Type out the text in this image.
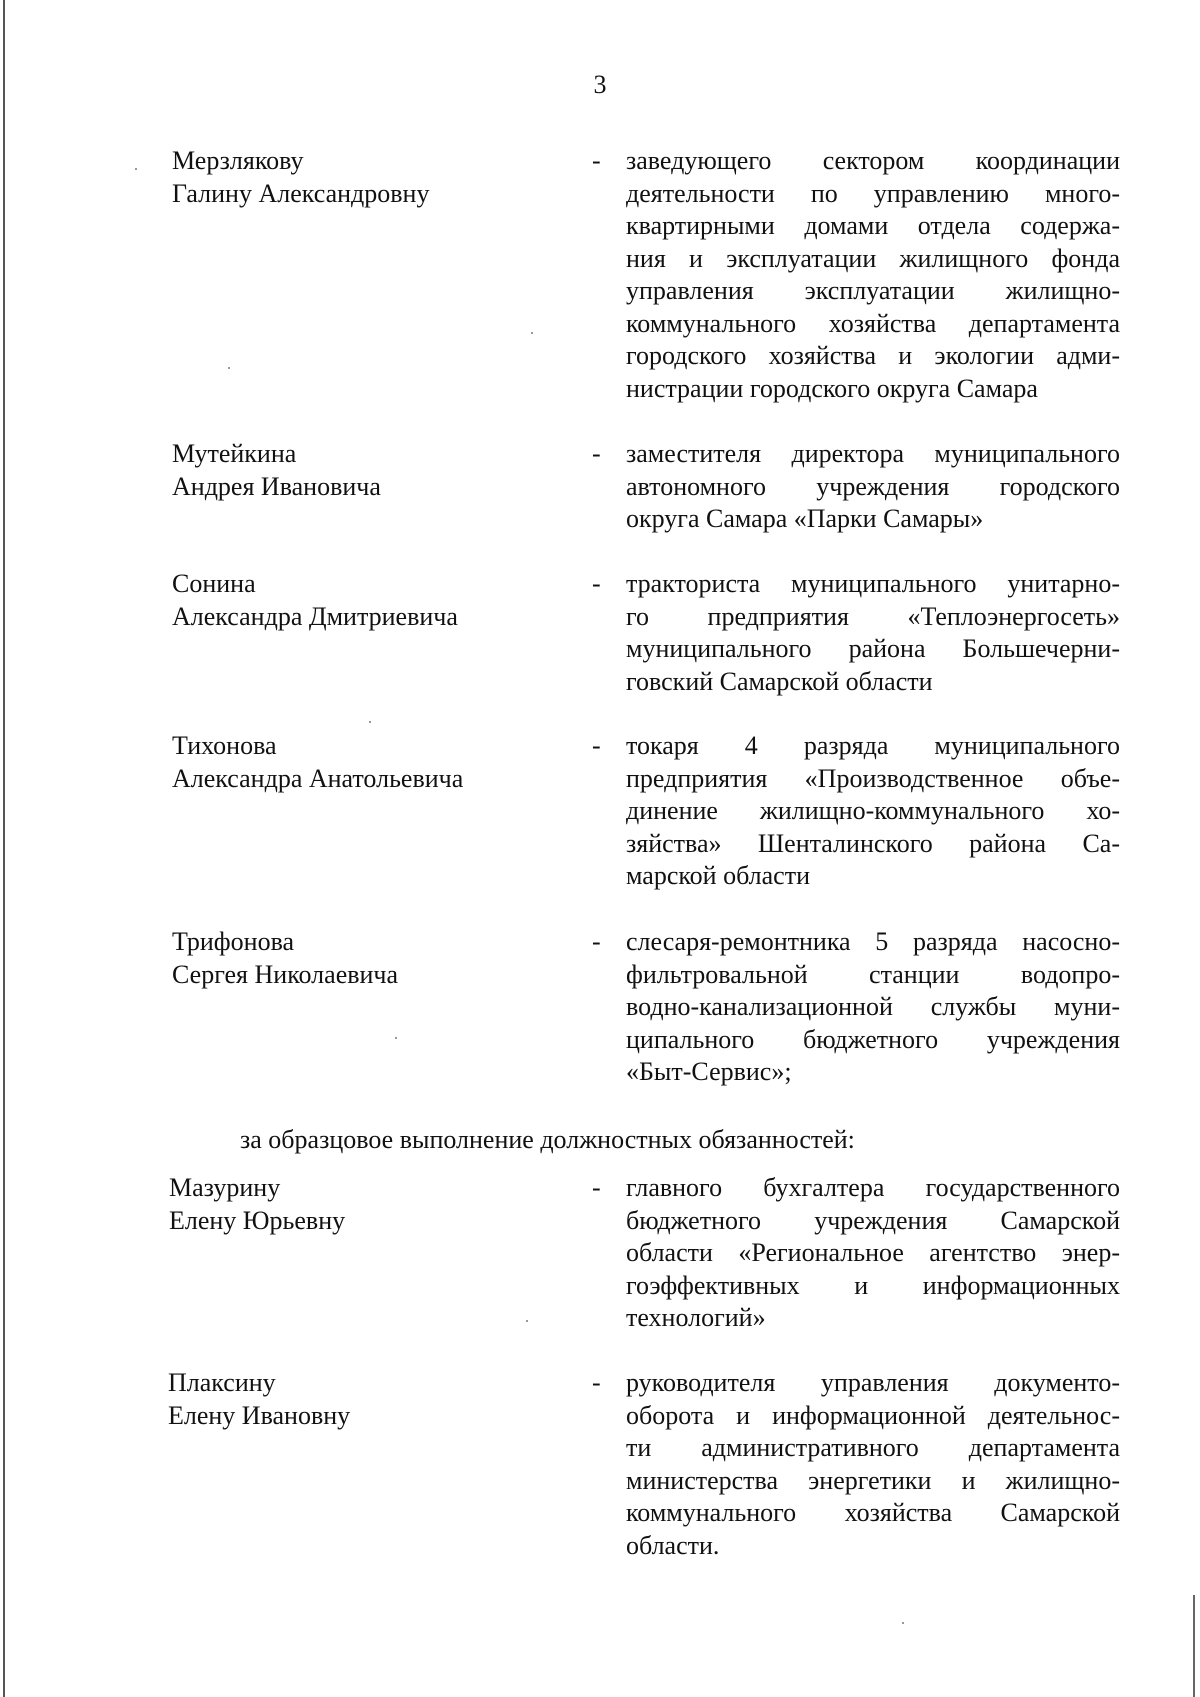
3
Мерзлякову
Галину Александровну
- заведующего сектором координации
деятельности по управлению много-
квартирными домами отдела содержа-
ния и эксплуатации жилищного фонда
управления эксплуатации жилищно-
коммунального хозяйства департамента
городского хозяйства и экологии адми-
нистрации городского округа Самара
Мутейкина
Андрея Ивановича
- заместителя директора муниципального
автономного учреждения городского
округа Самара «Парки Самары»
Сонина
Александра Дмитриевича
- тракториста муниципального унитарно-
го предприятия «Теплоэнергосеть»
муниципального района Большечерни-
говский Самарской области
Тихонова
Александра Анатольевича
- токаря 4 разряда муниципального
предприятия «Производственное объе-
динение жилищно-коммунального хо-
зяйства» Шенталинского района Са-
марской области
Трифонова
Сергея Николаевича
- слесаря-ремонтника 5 разряда насосно-
фильтровальной станции водопро-
водно-канализационной службы муни-
ципального бюджетного учреждения
«Быт-Сервис»;
за образцовое выполнение должностных обязанностей:
Мазурину
Елену Юрьевну
- главного бухгалтера государственного
бюджетного учреждения Самарской
области «Региональное агентство энер-
гоэффективных и информационных
технологий»
Плаксину
Елену Ивановну
- руководителя управления документо-
оборота и информационной деятельнос-
ти административного департамента
министерства энергетики и жилищно-
коммунального хозяйства Самарской
области.
